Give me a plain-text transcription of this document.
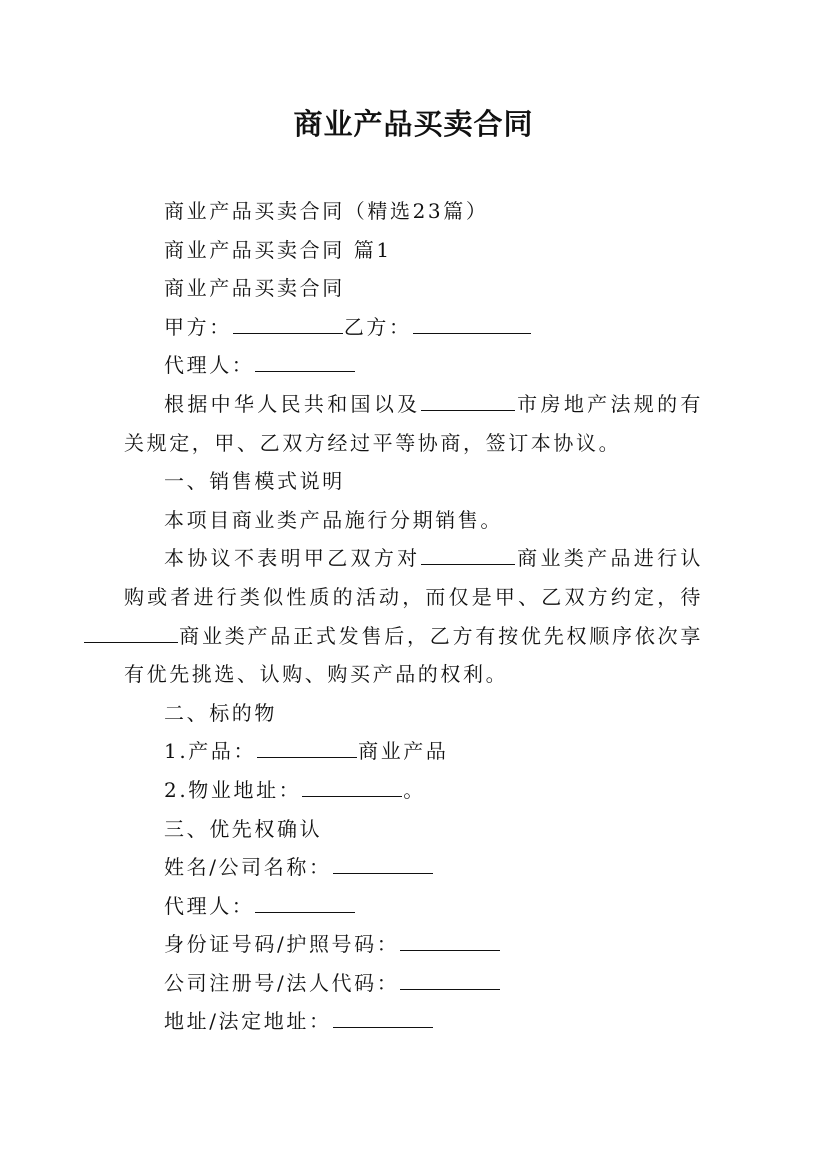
商业产品买卖合同

商业产品买卖合同（精选23篇）

商业产品买卖合同 篇1

商业产品买卖合同

甲方：	乙方：

代理人：

根据中华人民共和国以及	市房地产法规的有关规定，甲、乙双方经过平等协商，签订本协议。

一、销售模式说明

本项目商业类产品施行分期销售。

本协议不表明甲乙双方对	商业类产品进行认购或者进行类似性质的活动，而仅是甲、乙双方约定，待商业类产品正式发售后，乙方有按优先权顺序依次享有优先挑选、认购、购买产品的权利。

二、标的物

1.产品：	商业产品

2.物业地址：	。

三、优先权确认

姓名/公司名称：

代理人：

身份证号码/护照号码：

公司注册号/法人代码：

地址/法定地址：
